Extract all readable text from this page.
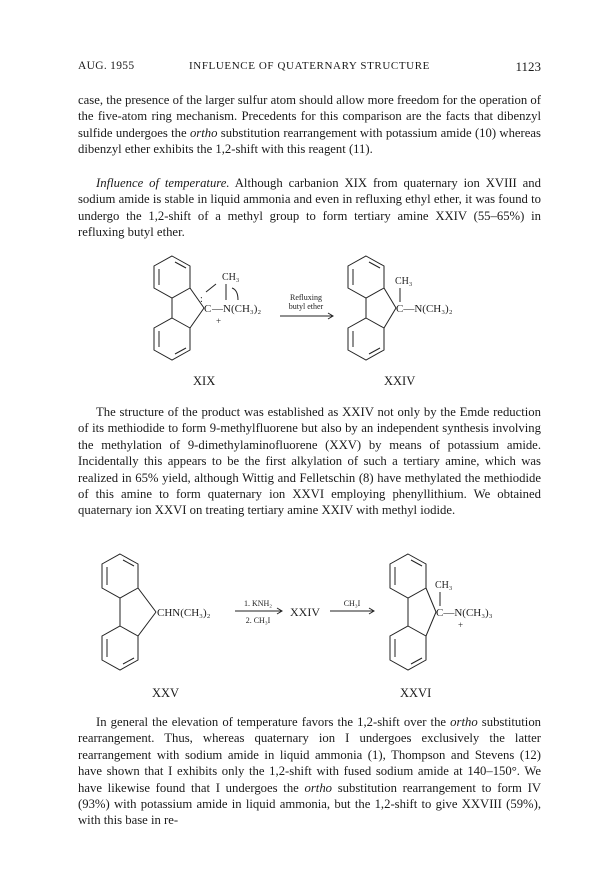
AUG. 1955	INFLUENCE OF QUATERNARY STRUCTURE	1123

case, the presence of the larger sulfur atom should allow more freedom for the operation of the five-atom ring mechanism. Precedents for this comparison are the facts that dibenzyl sulfide undergoes the ortho substitution rearrangement with potassium amide (10) whereas dibenzyl ether exhibits the 1,2-shift with this reagent (11).

Influence of temperature. Although carbanion XIX from quaternary ion XVIII and sodium amide is stable in liquid ammonia and even in refluxing ethyl ether, it was found to undergo the 1,2-shift of a methyl group to form tertiary amine XXIV (55–65%) in refluxing butyl ether.

C
:
—N(CH₃)₂
+
CH₃
Refluxing
butyl ether
CH₃
C—N(CH₃)₂
XIX	XXIV

The structure of the product was established as XXIV not only by the Emde reduction of its methiodide to form 9-methylfluorene but also by an independent synthesis involving the methylation of 9-dimethylaminofluorene (XXV) by means of potassium amide. Incidentally this appears to be the first alkylation of such a tertiary amine, which was realized in 65% yield, although Wittig and Felletschin (8) have methylated the methiodide of this amine to form quaternary ion XXVI employing phenyllithium. We obtained quaternary ion XXVI on treating tertiary amine XXIV with methyl iodide.

CHN(CH₃)₂
1. KNH₂
2. CH₃I
XXIV
CH₃I
CH₃
C—N(CH₃)₃
+
XXV	XXVI

In general the elevation of temperature favors the 1,2-shift over the ortho substitution rearrangement. Thus, whereas quaternary ion I undergoes exclusively the latter rearrangement with sodium amide in liquid ammonia (1), Thompson and Stevens (12) have shown that I exhibits only the 1,2-shift with fused sodium amide at 140–150°. We have likewise found that I undergoes the ortho substitution rearrangement to form IV (93%) with potassium amide in liquid ammonia, but the 1,2-shift to give XXVIII (59%), with this base in re-
